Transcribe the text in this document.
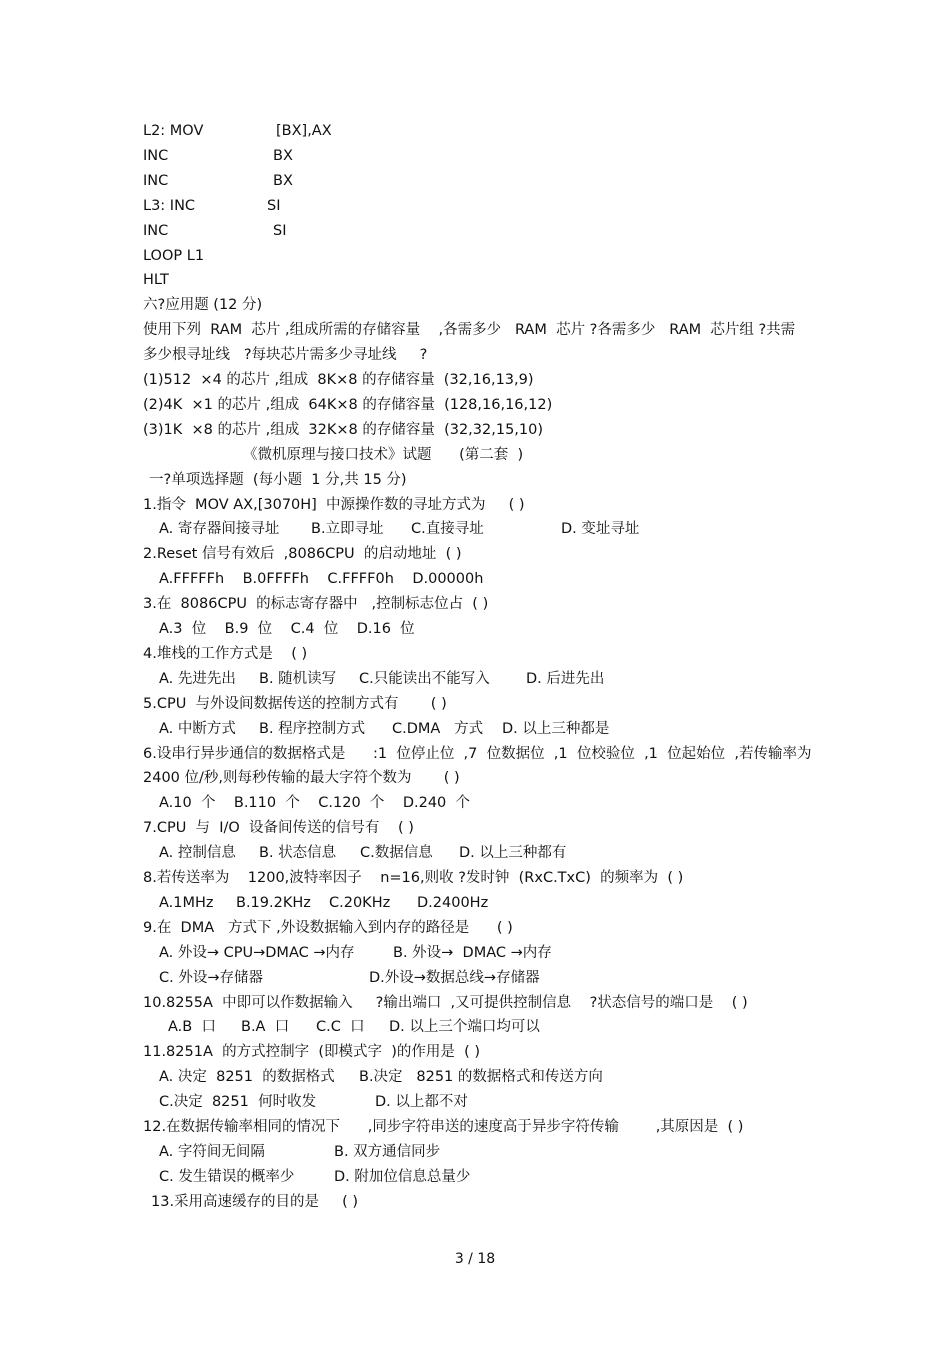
L2: MOV	[BX],AX
INC	BX
INC	BX
L3: INC	SI
INC	SI
LOOP L1
HLT
六?应用题 (12 分)
使用下列  RAM  芯片 ,组成所需的存储容量    ,各需多少   RAM  芯片 ?各需多少   RAM  芯片组 ?共需
多少根寻址线   ?每块芯片需多少寻址线     ?
(1)512  ×4 的芯片 ,组成  8K×8 的存储容量  (32,16,13,9)
(2)4K  ×1 的芯片 ,组成  64K×8 的存储容量  (128,16,16,12)
(3)1K  ×8 的芯片 ,组成  32K×8 的存储容量  (32,32,15,10)
《微机原理与接口技术》试题      (第二套  )
一?单项选择题  (每小题  1 分,共 15 分)
1.指令  MOV AX,[3070H]  中源操作数的寻址方式为     ( )
A. 寄存器间接寻址 B.立即寻址 C.直接寻址	D. 变址寻址
2.Reset 信号有效后  ,8086CPU  的启动地址  ( )
A.FFFFFh    B.0FFFFh    C.FFFF0h    D.00000h
3.在  8086CPU  的标志寄存器中   ,控制标志位占  ( )
A.3  位    B.9  位    C.4  位    D.16  位
4.堆栈的工作方式是    ( )
A. 先进先出 B. 随机读写 C.只能读出不能写入	D. 后进先出
5.CPU  与外设间数据传送的控制方式有       ( )
A. 中断方式 B. 程序控制方式 C.DMA   方式 D. 以上三种都是
6.设串行异步通信的数据格式是      :1  位停止位  ,7  位数据位  ,1  位校验位  ,1  位起始位  ,若传输率为
2400 位/秒,则每秒传输的最大字符个数为       ( )
A.10  个    B.110  个    C.120  个    D.240  个
7.CPU  与  I/O  设备间传送的信号有    ( )
A. 控制信息 B. 状态信息 C.数据信息 D. 以上三种都有
8.若传送率为    1200,波特率因子    n=16,则收 ?发时钟  (RxC.TxC)  的频率为  ( )
A.1MHz B.19.2KHz C.20KHz D.2400Hz
9.在  DMA   方式下 ,外设数据输入到内存的路径是      ( )
A. 外设→ CPU→DMAC →内存	B. 外设→  DMAC →内存
C. 外设→存储器	D.外设→数据总线→存储器
10.8255A  中即可以作数据输入     ?输出端口  ,又可提供控制信息    ?状态信号的端口是    ( )
A.B  口 B.A  口 C.C  口 D. 以上三个端口均可以
11.8251A  的方式控制字  (即模式字  )的作用是  ( )
A. 决定  8251  的数据格式 B.决定   8251 的数据格式和传送方向
C.决定  8251  何时收发	D. 以上都不对
12.在数据传输率相同的情况下      ,同步字符串送的速度高于异步字符传输        ,其原因是  ( )
A. 字符间无间隔	B. 双方通信同步
C. 发生错误的概率少	D. 附加位信息总量少
13.采用高速缓存的目的是     ( )
3 / 18
